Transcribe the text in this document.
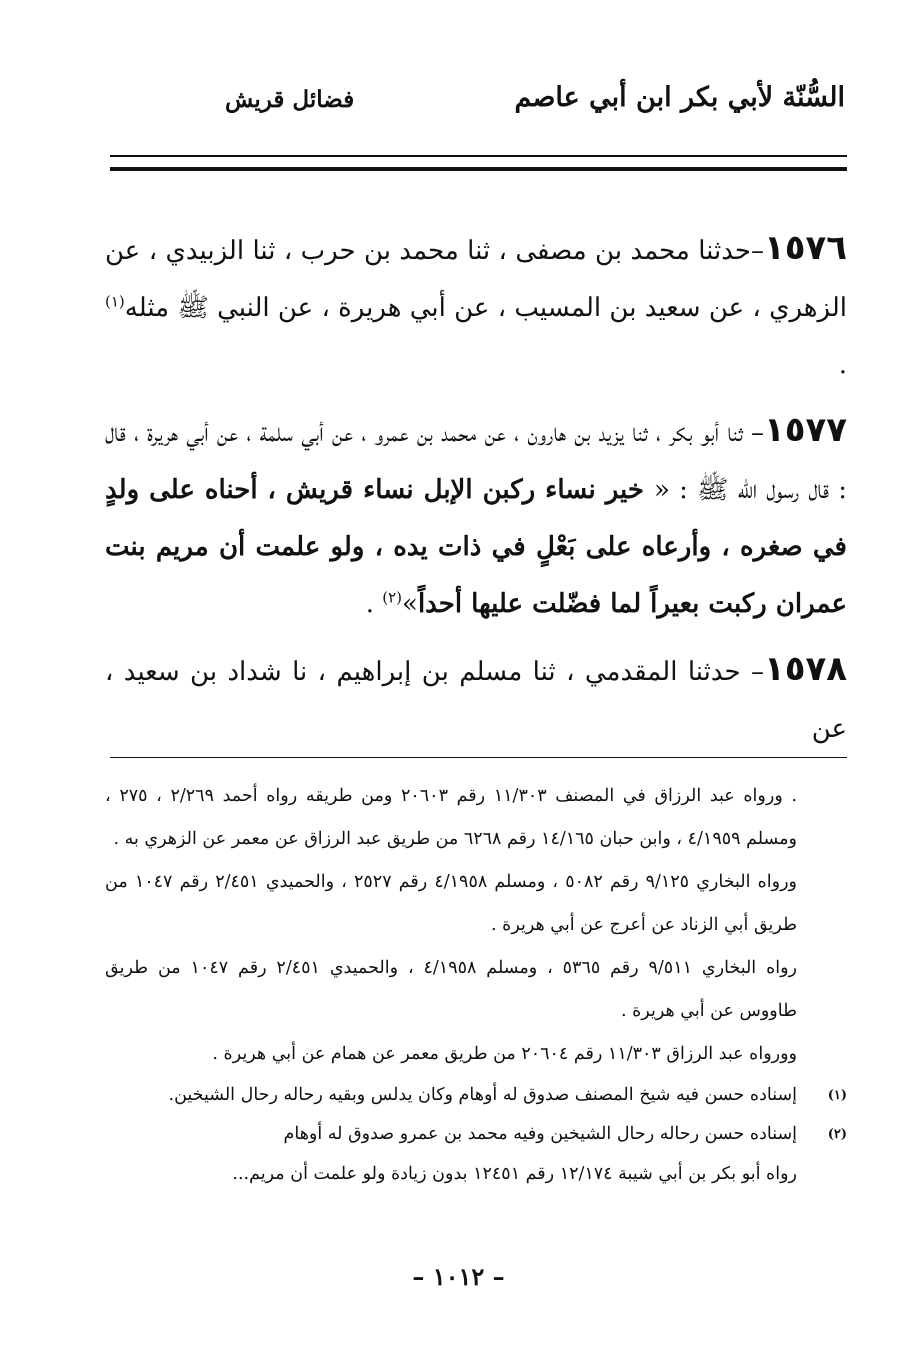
السُّنّة لأبي بكر ابن أبي عاصم
فضائل قريش

١٥٧٦–حدثنا محمد بن مصفى ، ثنا محمد بن حرب ، ثنا الزبيدي ، عن الزهري ، عن سعيد بن المسيب ، عن أبي هريرة ، عن النبي ﷺ مثله$^{(١)}$ .

١٥٧٧– ثنا أبو بكر ، ثنا يزيد بن هارون ، عن محمد بن عمرو ، عن أبي سلمة ، عن أبي هريرة ، قال : قال رسول الله ﷺ : « خير نساء ركبن الإبل نساء قريش ، أحناه على ولدٍ في صغره ، وأرعاه على بَعْلٍ في ذات يده ، ولو علمت أن مريم بنت عمران ركبت بعيراً لما فضّلت عليها أحداً»$^{(٢)}$ .

١٥٧٨– حدثنا المقدمي ، ثنا مسلم بن إبراهيم ، نا شداد بن سعيد ، عن

. ورواه عبد الرزاق في المصنف ١١/٣٠٣ رقم ٢٠٦٠٣ ومن طريقه رواه أحمد ٢/٢٦٩ ، ٢٧٥ ، ومسلم ٤/١٩٥٩ ، وابن حبان ١٤/١٦٥ رقم ٦٢٦٨ من طريق عبد الرزاق عن معمر عن الزهري به .
ورواه البخاري ٩/١٢٥ رقم ٥٠٨٢ ، ومسلم ٤/١٩٥٨ رقم ٢٥٢٧ ، والحميدي ٢/٤٥١ رقم ١٠٤٧ من طريق أبي الزناد عن أعرج عن أبي هريرة .
رواه البخاري ٩/٥١١ رقم ٥٣٦٥ ، ومسلم ٤/١٩٥٨ ، والحميدي ٢/٤٥١ رقم ١٠٤٧ من طريق طاووس عن أبي هريرة .
وورواه عبد الرزاق ١١/٣٠٣ رقم ٢٠٦٠٤ من طريق معمر عن همام عن أبي هريرة .
(١)
إسناده حسن فيه شيخ المصنف صدوق له أوهام وكان يدلس وبقيه رحاله رحال الشيخين.
(٢)
إسناده حسن رحاله رحال الشيخين وفيه محمد بن عمرو صدوق له أوهام
رواه أبو بكر بن أبي شيبة ١٢/١٧٤ رقم ١٢٤٥١ بدون زيادة ولو علمت أن مريم...
– ١٠١٢ –
